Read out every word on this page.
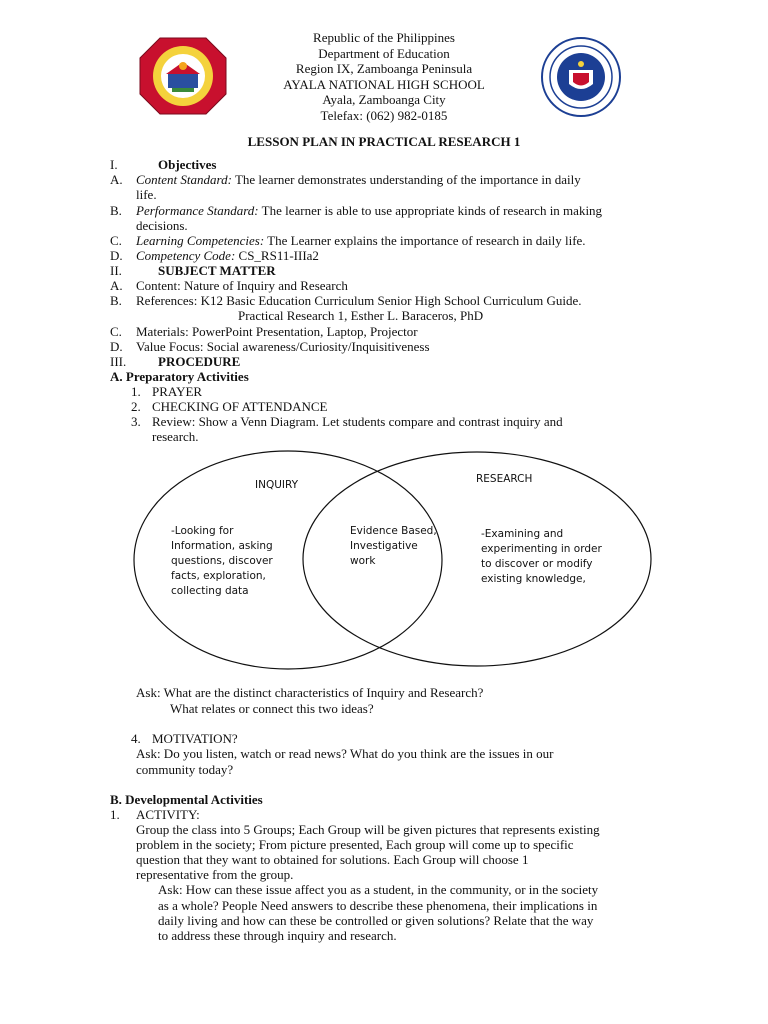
Republic of the Philippines
Department of Education
Region IX, Zamboanga Peninsula
AYALA NATIONAL HIGH SCHOOL
Ayala, Zamboanga City
Telefax: (062) 982-0185
LESSON PLAN IN PRACTICAL RESEARCH 1
I.	Objectives
A. Content Standard: The learner demonstrates understanding of the importance in daily
life.
B. Performance Standard: The learner is able to use appropriate kinds of research in making
decisions.
C. Learning Competencies: The Learner explains the importance of research in daily life.
D. Competency Code: CS_RS11-IIIa2
II.	SUBJECT MATTER
A. Content: Nature of Inquiry and Research
B. References: K12 Basic Education Curriculum Senior High School Curriculum Guide.
Practical Research 1, Esther L. Baraceros, PhD
C. Materials: PowerPoint Presentation, Laptop, Projector
D. Value Focus: Social awareness/Curiosity/Inquisitiveness
III. PROCEDURE
A. Preparatory Activities
1. PRAYER
2. CHECKING OF ATTENDANCE
3. Review: Show a Venn Diagram. Let students compare and contrast inquiry and
research.
INQUIRY	RESEARCH
-Looking for
Information, asking
questions, discover
facts, exploration,
collecting data
Evidence Based,
Investigative
work
-Examining and
experimenting in order
to discover or modify
existing knowledge,
Ask: What are the distinct characteristics of Inquiry and Research?
What relates or connect this two ideas?
4. MOTIVATION?
Ask: Do you listen, watch or read news? What do you think are the issues in our
community today?
B. Developmental Activities
1. ACTIVITY:
Group the class into 5 Groups; Each Group will be given pictures that represents existing
problem in the society; From picture presented, Each group will come up to specific
question that they want to obtained for solutions. Each Group will choose 1
representative from the group.
Ask: How can these issue affect you as a student, in the community, or in the society
as a whole? People Need answers to describe these phenomena, their implications in
daily living and how can these be controlled or given solutions? Relate that the way
to address these through inquiry and research.
